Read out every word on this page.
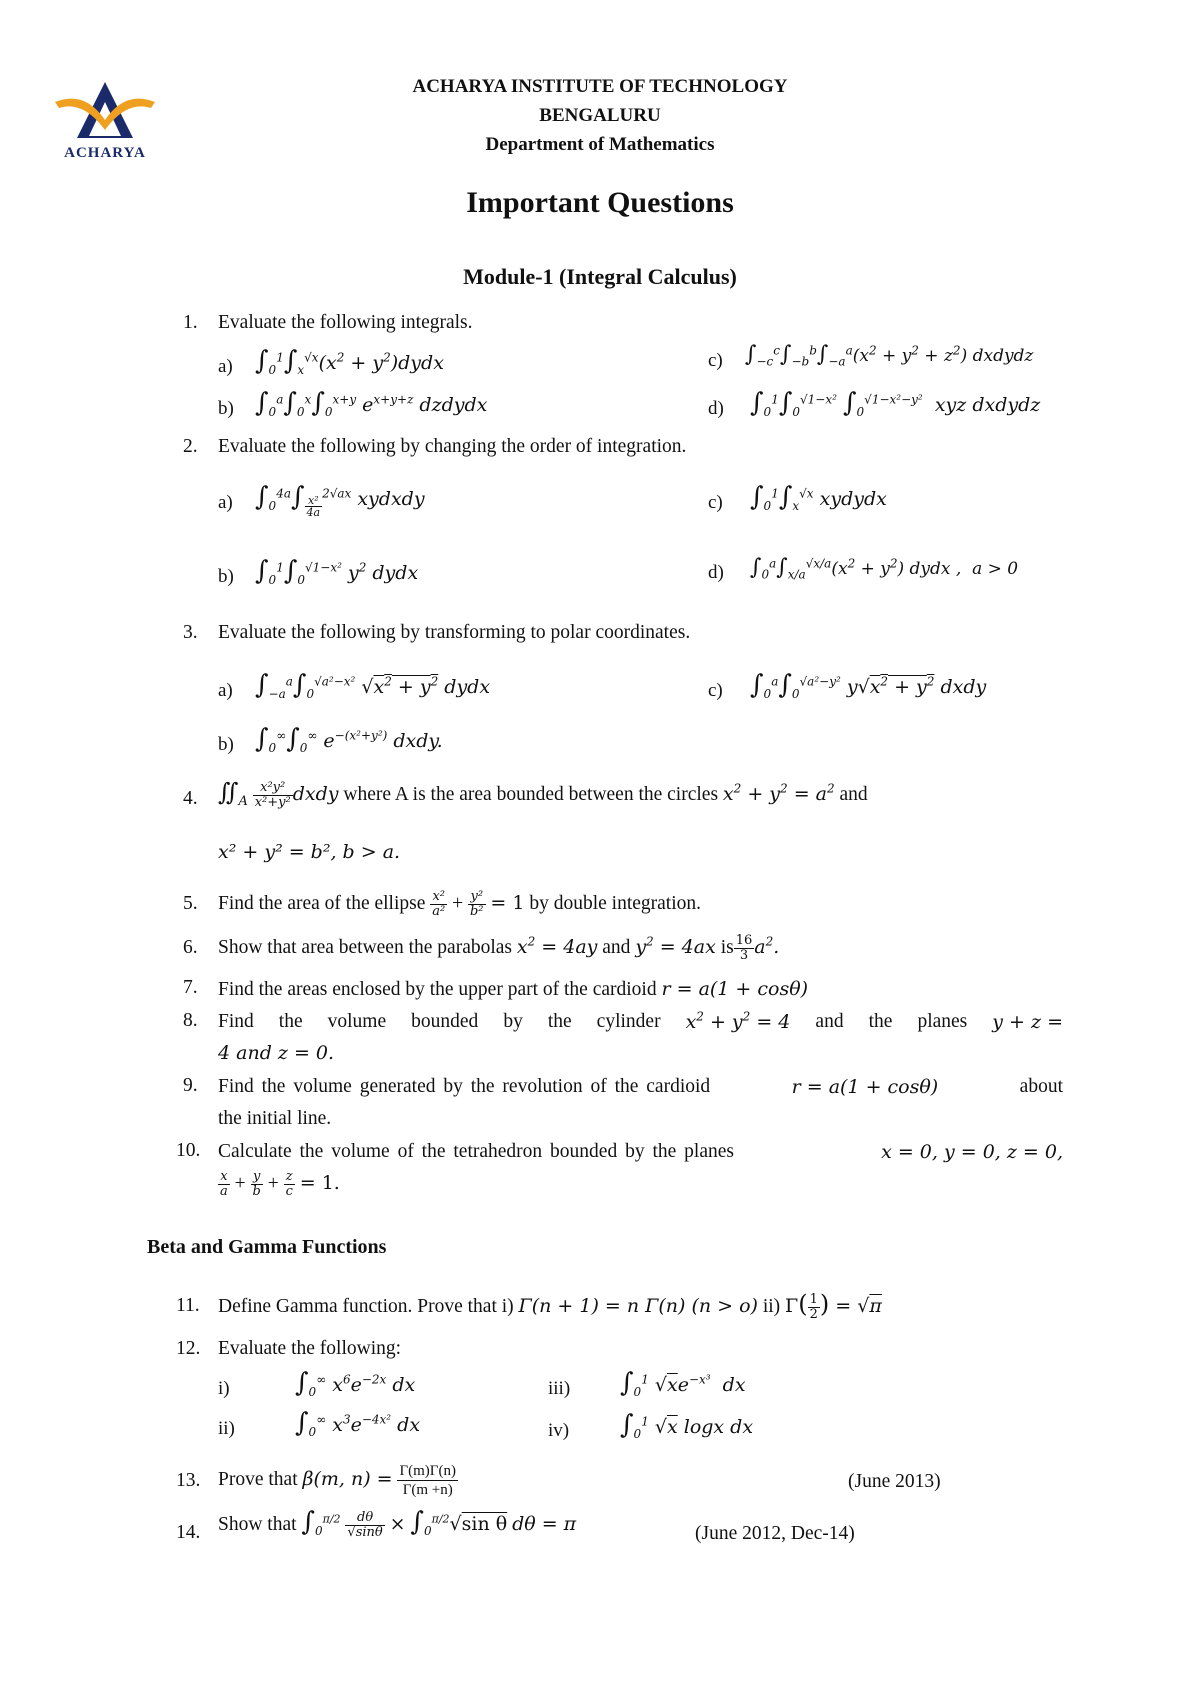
ACHARYA
ACHARYA INSTITUTE OF TECHNOLOGY
BENGALURU
Department of Mathematics
Important Questions
Module-1 (Integral Calculus)
1. Evaluate the following integrals.
a) $\int_0^1\int_x^{√x}(x^2$ + $y^2)dydx$
b) $\int_0^a\int_0^x\int_0^{x+y}$ $e^{x+y+z}$ dzdydx
c) $\int_{-c}^c\int_{-b}^b\int_{-a}^a(x^2 + y^2 + z^2)$ dxdydz
d) $\int_0^1\int_0^{√1-x^2}$ $\int_0^{√1-x^2-y^2}$  xyz dxdydz
2. Evaluate the following by changing the order of integration.
a) $\int_0^{4a}\int$ $_{\frac{\text{x²}}{4a}}$
$^{2√ax}$ xydxdy
b) $\int_0^1\int_0^{√1-x^2}$ $y^2$ dydx
c) $\int_0^1\int_x^{√x}$ xydydx
d) $\int_0^a\int_{x/a}^{√x/a}(x^2 + y^2)$ dydx ,  a > 0
3. Evaluate the following by transforming to polar coordinates.
a) $\int_{-a}^a\int_0^{√a^2-x^2}$ $√x^2 + y^2$ dydx
b) $\int_0^\infty\int_0^\infty$ $e^{-(x^2+y^2)}$ dxdy.
c) $\int_0^a\int_0^{√a^2-y^2}$ $y√x^2 + y^2$ dxdy
4. $∬_A \frac{\text{x²y²}}{\text{x²+y²}}$ dxdy where A is the area bounded between the circles $x^2 + y^2 = a^2$ and
x² + y² = b², b > a.
5. Find the area of the ellipse $\frac{\text{x²}}{\text{a²}} + \frac{\text{y²}}{\text{b²}} = 1$ by double integration.
6. Show that area between the parabolas $x^2 = 4ay$ and $y^2 = 4ax$ is $\frac{16}{3} a^2$.
7. Find the areas enclosed by the upper part of the cardioid r = a(1 + cosθ)
8. Find the volume bounded by the cylinder $x^2 + y^2 = 4$ and the planes y + z =
4 and z = 0.
9. Find the volume generated by the revolution of the cardioid	r = a(1 + cosθ)	about
the initial line.
10. Calculate the volume of the tetrahedron bounded by the planes	x = 0, y = 0, z = 0,
$\frac{x}{a} + \frac{y}{b} + \frac{z}{c} = 1$.
Beta and Gamma Functions
11. Define Gamma function. Prove that i) Γ(n + 1) = n Γ(n) (n > o) ii) $\Gamma( \frac{1}{2}$ ) = √π
12. Evaluate the following:
i)	$\int_0^\infty$ $x^6e^{-2x}$ dx
ii) $\int_0^\infty$ $x^3e^{-4x^2}$ dx
iii) $\int_0^1$ $√xe^{-x^3}$  dx
iv) $\int_0^1$ √x logx dx
13. Prove that β(m, $n) = \frac{\Gamma(m)\Gamma(n)}{\Gamma(m +n)}$	(June 2013)
14. Show that $\int_0^{\pi/2} \frac{d\theta}{√\sin\theta} \times \int_0^{\pi/2}√\sin$ θ dθ = π	(June 2012, Dec-14)
